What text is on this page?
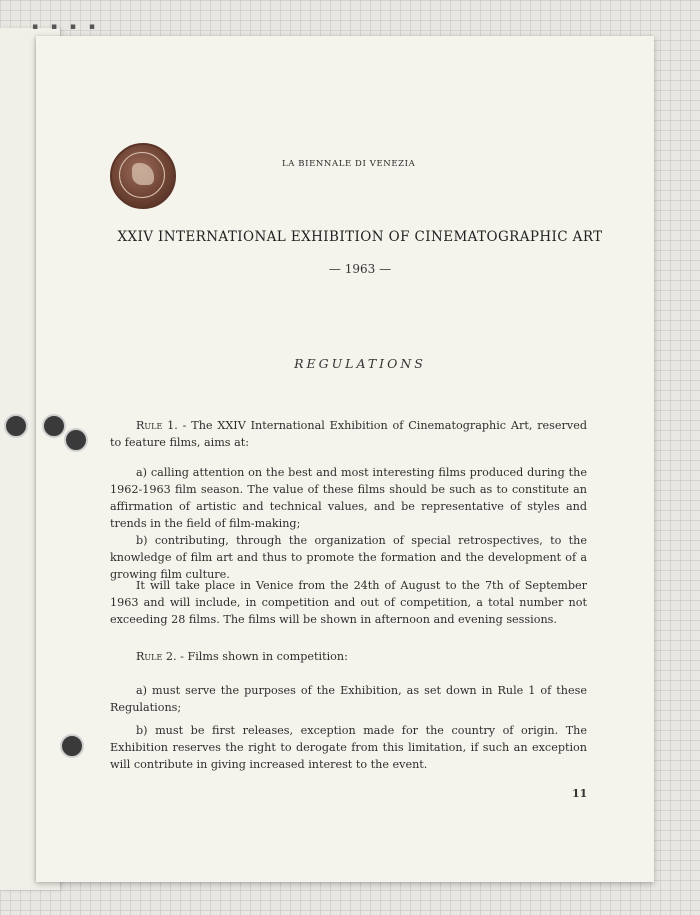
▪ ▪ ▪ ▪
LA BIENNALE DI VENEZIA
XXIV INTERNATIONAL EXHIBITION OF CINEMATOGRAPHIC ART
— 1963 —
REGULATIONS
Rule 1. - The XXIV International Exhibition of Cinematographic Art, reserved to feature films, aims at:
a) calling attention on the best and most interesting films produced during the 1962-1963 film season. The value of these films should be such as to constitute an affirmation of artistic and technical values, and be representative of styles and trends in the field of film-making;
b) contributing, through the organization of special retrospectives, to the knowledge of film art and thus to promote the formation and the development of a growing film culture.
It will take place in Venice from the 24th of August to the 7th of September 1963 and will include, in competition and out of competition, a total number not exceeding 28 films. The films will be shown in afternoon and evening sessions.
Rule 2. - Films shown in competition:
a) must serve the purposes of the Exhibition, as set down in Rule 1 of these Regulations;
b) must be first releases, exception made for the country of origin. The Exhibition reserves the right to derogate from this limitation, if such an exception will contribute in giving increased interest to the event.
11
